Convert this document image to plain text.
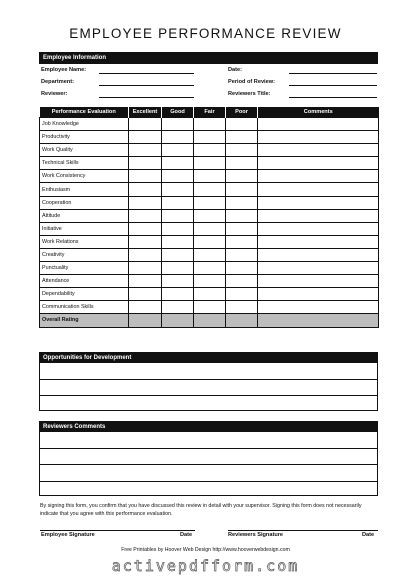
EMPLOYEE PERFORMANCE REVIEW
Employee Information
Employee Name:	Date:
Department:	Period of Review:
Reviewer:	Reviewers Title:
Performance Evaluation	Excellent	Good	Fair	Poor	Comments
Job Knowledge					
Productivity					
Work Quality					
Technical Skills					
Work Consistency					
Enthusiasm					
Cooperation					
Attitude					
Initiative					
Work Relations					
Creativity					
Punctuality					
Attendance					
Dependability					
Communication Skills					
Overall Rating					
Opportunities for Development
Reviewers Comments
By signing this form, you confirm that you have discussed this review in detail with your supervisor. Signing this form does not necessarily indicate that you agree with this performance evaluation.
Employee Signature	Date	Reviewers Signature	Date
Free Printables by Hoover Web Design http://www.hooverwebdesign.com
activepdfform.com
